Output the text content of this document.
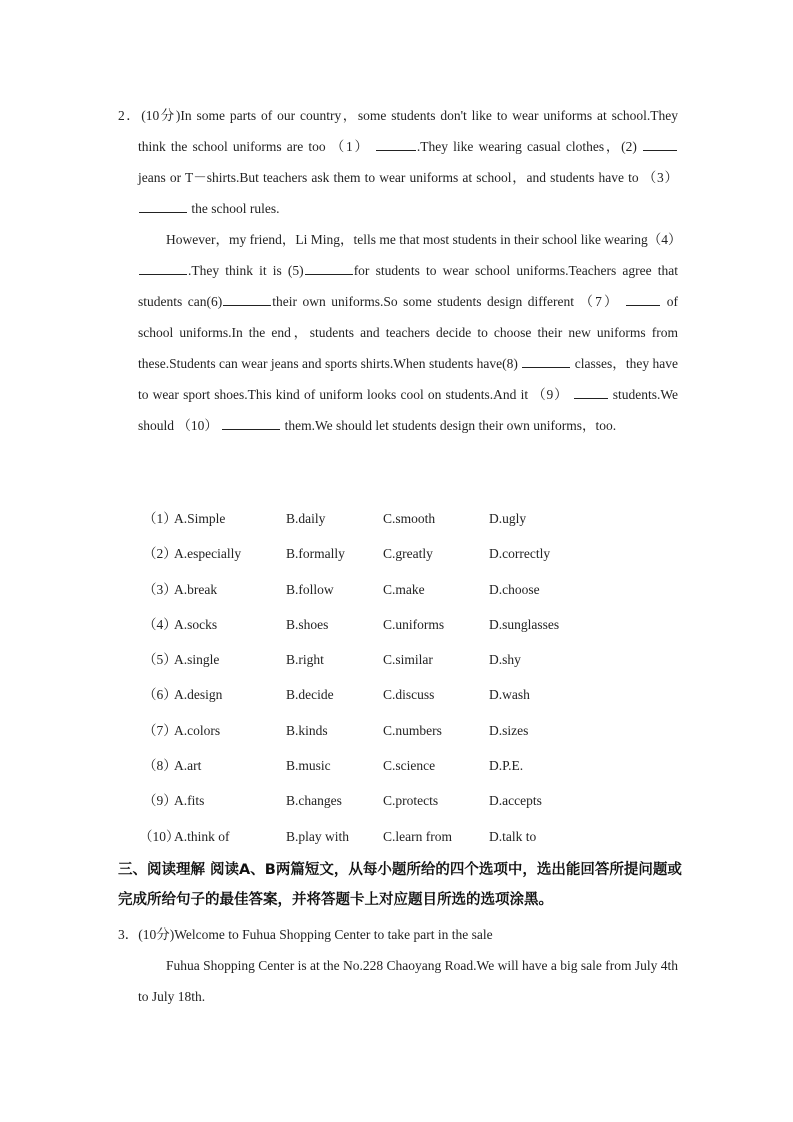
2．(10分)In some parts of our country，some students don't like to wear uniforms at school.They think the school uniforms are too （1）	.They like wearing casual clothes，(2)  jeans or T－shirts.But teachers ask them to wear uniforms at school，and students have to （3）  the school rules.

However，my friend，Li Ming，tells me that most students in their school like wearing（4）.They think it is (5)	for students to wear school uniforms.Teachers agree that students can(6)	their own uniforms.So some students design different （7）	of school uniforms.In the end，students and teachers decide to choose their new uniforms from these.Students can wear jeans and sports shirts.When students have(8)	classes，they have to wear sport shoes.This kind of uniform looks cool on students.And it （9）	students.We should （10）	them.We should let students design their own uniforms，too.

（1）
A.Simple	B.daily	C.smooth	D.ugly
（2）
A.especially	B.formally	C.greatly	D.correctly
（3）
A.break	B.follow	C.make	D.choose
（4）
A.socks	B.shoes	C.uniforms	D.sunglasses
（5）
A.single	B.right	C.similar	D.shy
（6）
A.design	B.decide	C.discuss	D.wash
（7）
A.colors	B.kinds	C.numbers	D.sizes
（8）
A.art	B.music	C.science	D.P.E.
（9）
A.fits	B.changes	C.protects	D.accepts
（10）
A.think of	B.play with	C.learn from	D.talk to
三、阅读理解 阅读A、B两篇短文，从每小题所给的四个选项中，选出能回答所提问题或完成所给句子的最佳答案，并将答题卡上对应题目所选的选项涂黑。

3．(10分)Welcome to Fuhua Shopping Center to take part in the sale

Fuhua Shopping Center is at the No.228 Chaoyang Road.We will have a big sale from July 4th to July 18th.
